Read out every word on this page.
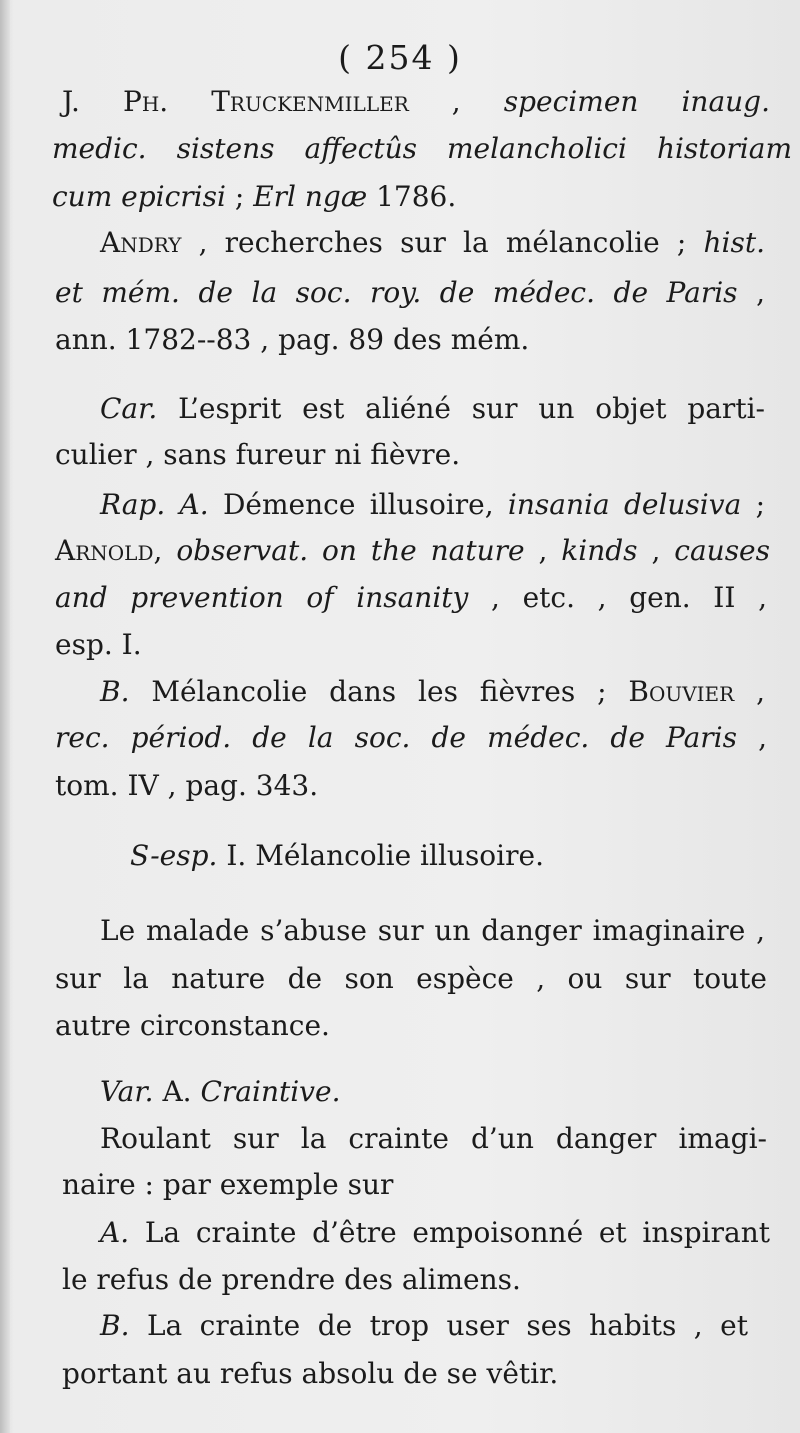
( 254 )
J. Ph. Truckenmiller , specimen inaug.
medic. sistens affectûs melancholici historiam
cum epicrisi ; Erl ngæ 1786.
Andry , recherches sur la mélancolie ; hist.
et mém. de la soc. roy. de médec. de Paris ,
ann. 1782--83 , pag. 89 des mém.
Car. L’esprit est aliéné sur un objet parti-
culier , sans fureur ni fièvre.
Rap. A. Démence illusoire, insania delusiva ;
Arnold, observat. on the nature , kinds , causes
and prevention of insanity , etc. , gen. II ,
esp. I.
B. Mélancolie dans les fièvres ; Bouvier ,
rec. périod. de la soc. de médec. de Paris ,
tom. IV , pag. 343.
S-esp. I. Mélancolie illusoire.
Le malade s’abuse sur un danger imaginaire ,
sur la nature de son espèce , ou sur toute
autre circonstance.
Var. A. Craintive.
Roulant sur la crainte d’un danger imagi-
naire : par exemple sur
A. La crainte d’être empoisonné et inspirant
le refus de prendre des alimens.
B. La crainte de trop user ses habits , et
portant au refus absolu de se vêtir.
